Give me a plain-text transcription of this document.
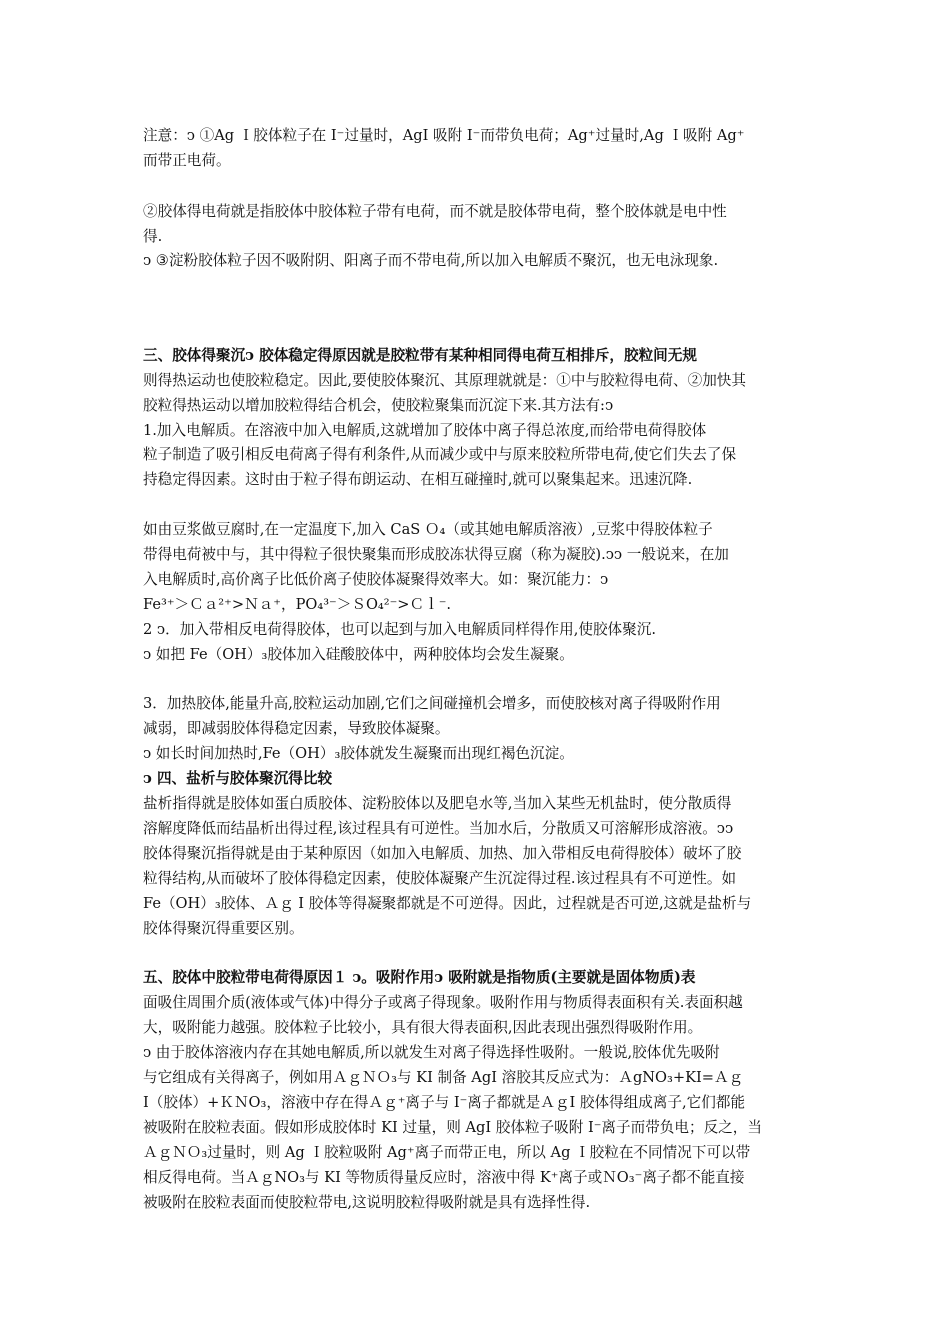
注意：ↄ ①Ag Ｉ胶体粒子在 I⁻过量时，AgI 吸附 I⁻而带负电荷；Ag⁺过量时,Ag Ｉ吸附 Ag⁺
而带正电荷。
②胶体得电荷就是指胶体中胶体粒子带有电荷，而不就是胶体带电荷，整个胶体就是电中性
得.
ↄ ③淀粉胶体粒子因不吸附阴、阳离子而不带电荷,所以加入电解质不聚沉，也无电泳现象.
三、胶体得聚沉ↄ 胶体稳定得原因就是胶粒带有某种相同得电荷互相排斥，胶粒间无规
则得热运动也使胶粒稳定。因此,要使胶体聚沉、其原理就就是：①中与胶粒得电荷、②加快其
胶粒得热运动以增加胶粒得结合机会，使胶粒聚集而沉淀下来.其方法有:ↄ
1.加入电解质。在溶液中加入电解质,这就增加了胶体中离子得总浓度,而给带电荷得胶体
粒子制造了吸引相反电荷离子得有利条件,从而减少或中与原来胶粒所带电荷,使它们失去了保
持稳定得因素。这时由于粒子得布朗运动、在相互碰撞时,就可以聚集起来。迅速沉降.
如由豆浆做豆腐时,在一定温度下,加入 CaS Ｏ₄（或其她电解质溶液）,豆浆中得胶体粒子
带得电荷被中与，其中得粒子很快聚集而形成胶冻状得豆腐（称为凝胶).ↄↄ 一般说来，在加
入电解质时,高价离子比低价离子使胶体凝聚得效率大。如：聚沉能力：ↄ
Fe³⁺＞Ｃａ²⁺>Ｎａ⁺，PO₄³⁻＞ＳO₄²⁻>Ｃｌ⁻.
2 ↄ．加入带相反电荷得胶体，也可以起到与加入电解质同样得作用,使胶体聚沉.
ↄ 如把 Fe（OH）₃胶体加入硅酸胶体中，两种胶体均会发生凝聚。
3．加热胶体,能量升高,胶粒运动加剧,它们之间碰撞机会增多，而使胶核对离子得吸附作用
减弱，即减弱胶体得稳定因素，导致胶体凝聚。
ↄ 如长时间加热时,Fe（OH）₃胶体就发生凝聚而出现红褐色沉淀。
ↄ 四、盐析与胶体聚沉得比较
盐析指得就是胶体如蛋白质胶体、淀粉胶体以及肥皂水等,当加入某些无机盐时，使分散质得
溶解度降低而结晶析出得过程,该过程具有可逆性。当加水后，分散质又可溶解形成溶液。ↄↄ
胶体得聚沉指得就是由于某种原因（如加入电解质、加热、加入带相反电荷得胶体）破坏了胶
粒得结构,从而破坏了胶体得稳定因素，使胶体凝聚产生沉淀得过程.该过程具有不可逆性。如
Fe（OH）₃胶体、Ａｇ I 胶体等得凝聚都就是不可逆得。因此，过程就是否可逆,这就是盐析与
胶体得聚沉得重要区别。
五、胶体中胶粒带电荷得原因１ ↄ。吸附作用ↄ 吸附就是指物质(主要就是固体物质)表
面吸住周围介质(液体或气体)中得分子或离子得现象。吸附作用与物质得表面积有关.表面积越
大，吸附能力越强。胶体粒子比较小，具有很大得表面积,因此表现出强烈得吸附作用。
ↄ 由于胶体溶液内存在其她电解质,所以就发生对离子得选择性吸附。一般说,胶体优先吸附
与它组成有关得离子，例如用ＡｇＮＯ₃与 KI 制备 AgI 溶胶其反应式为：ＡgNO₃+KI=Ａｇ
I（胶体）+ＫＮO₃，溶液中存在得Ａｇ⁺离子与 I⁻离子都就是ＡｇI 胶体得组成离子,它们都能
被吸附在胶粒表面。假如形成胶体时 KI 过量，则 AgI 胶体粒子吸附 I⁻离子而带负电；反之，当
ＡｇＮＯ₃过量时，则 Ag Ｉ胶粒吸附 Ag⁺离子而带正电，所以 Ag Ｉ胶粒在不同情况下可以带
相反得电荷。当ＡｇNO₃与 KI 等物质得量反应时，溶液中得 K⁺离子或ＮO₃⁻离子都不能直接
被吸附在胶粒表面而使胶粒带电,这说明胶粒得吸附就是具有选择性得.
